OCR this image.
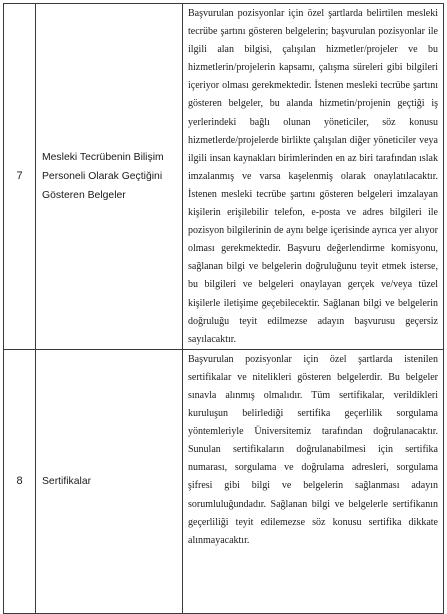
7	Mesleki Tecrübenin Bilişim Personeli Olarak Geçtiğini Gösteren Belgeler	Başvurulan pozisyonlar için özel şartlarda belirtilen mesleki tecrübe şartını gösteren belgelerin; başvurulan pozisyonlar ile ilgili alan bilgisi, çalışılan hizmetler/projeler ve bu hizmetlerin/projelerin kapsamı, çalışma süreleri gibi bilgileri içeriyor olması gerekmektedir. İstenen mesleki tecrübe şartını gösteren belgeler, bu alanda hizmetin/projenin geçtiği iş yerlerindeki bağlı olunan yöneticiler, söz konusu hizmetlerde/projelerde birlikte çalışılan diğer yöneticiler veya ilgili insan kaynakları birimlerinden en az biri tarafından ıslak imzalanmış ve varsa kaşelenmiş olarak onaylatılacaktır. İstenen mesleki tecrübe şartını gösteren belgeleri imzalayan kişilerin erişilebilir telefon, e-posta ve adres bilgileri ile pozisyon bilgilerinin de aynı belge içerisinde ayrıca yer alıyor olması gerekmektedir. Başvuru değerlendirme komisyonu, sağlanan bilgi ve belgelerin doğruluğunu teyit etmek isterse, bu bilgileri ve belgeleri onaylayan gerçek ve/veya tüzel kişilerle iletişime geçebilecektir. Sağlanan bilgi ve belgelerin doğruluğu teyit edilmezse adayın başvurusu geçersiz sayılacaktır.

8	Sertifikalar	Başvurulan pozisyonlar için özel şartlarda istenilen sertifikalar ve nitelikleri gösteren belgelerdir. Bu belgeler sınavla alınmış olmalıdır. Tüm sertifikalar, verildikleri kuruluşun belirlediği sertifika geçerlilik sorgulama yöntemleriyle Üniversitemiz tarafından doğrulanacaktır. Sunulan sertifikaların doğrulanabilmesi için sertifika numarası, sorgulama ve doğrulama adresleri, sorgulama şifresi gibi bilgi ve belgelerin sağlanması adayın sorumluluğundadır. Sağlanan bilgi ve belgelerle sertifikanın geçerliliği teyit edilemezse söz konusu sertifika dikkate alınmayacaktır.
